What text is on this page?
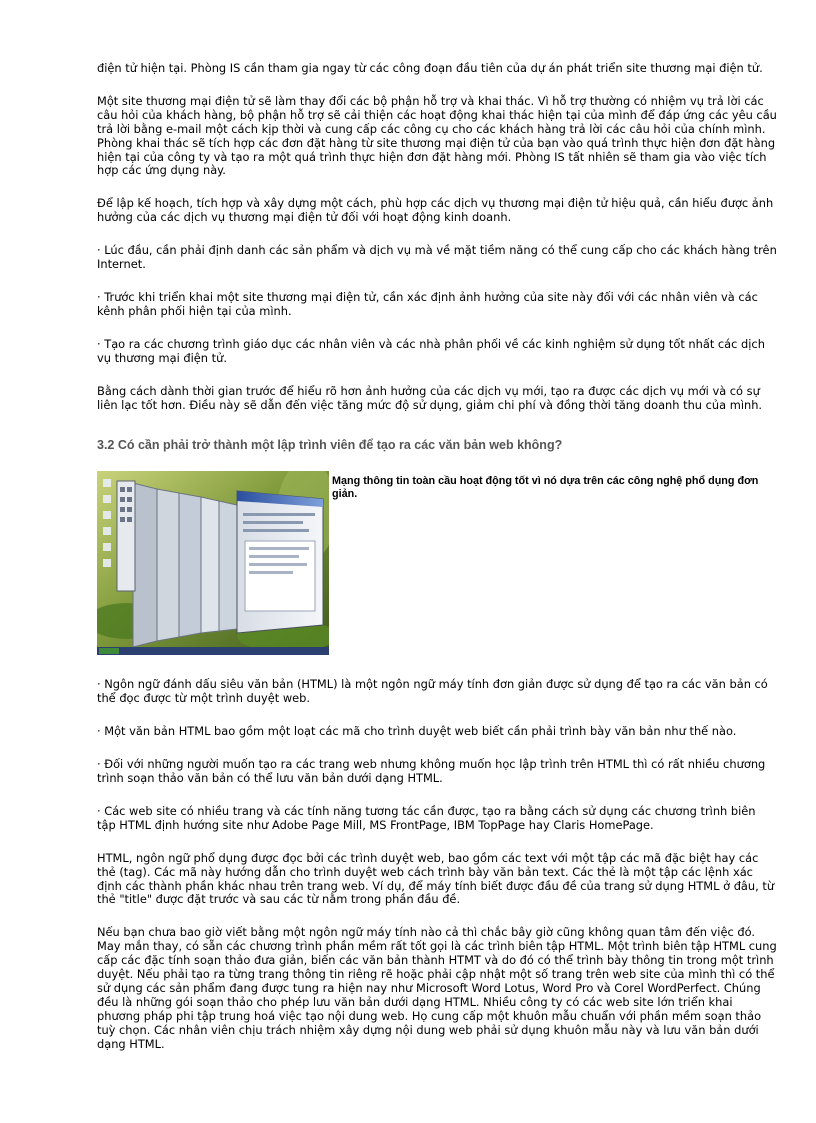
điện tử hiện tại. Phòng IS cần tham gia ngay từ các công đoạn đầu tiên của dự án phát triển site thương mại điện tử.

Một site thương mại điện tử sẽ làm thay đổi các bộ phận hỗ trợ và khai thác. Vì hỗ trợ thường có nhiệm vụ trả lời các câu hỏi của khách hàng, bộ phận hỗ trợ sẽ cải thiện các hoạt động khai thác hiện tại của mình để đáp ứng các yêu cầu trả lời bằng e-mail một cách kịp thời và cung cấp các công cụ cho các khách hàng trả lời các câu hỏi của chính mình. Phòng khai thác sẽ tích hợp các đơn đặt hàng từ site thương mại điện tử của bạn vào quá trình thực hiện đơn đặt hàng hiện tại của công ty và tạo ra một quá trình thực hiện đơn đặt hàng mới. Phòng IS tất nhiên sẽ tham gia vào việc tích hợp các ứng dụng này.

Để lập kế hoạch, tích hợp và xây dựng một cách, phù hợp các dịch vụ thương mại điện tử hiệu quả, cần hiểu được ảnh hưởng của các dịch vụ thương mại điện tử đối với hoạt động kinh doanh.

· Lúc đầu, cần phải định danh các sản phẩm và dịch vụ mà về mặt tiềm năng có thể cung cấp cho các khách hàng trên Internet.

· Trước khi triển khai một site thương mại điện tử, cần xác định ảnh hưởng của site này đối với các nhân viên và các kênh phân phối hiện tại của mình.

· Tạo ra các chương trình giáo dục các nhân viên và các nhà phân phối về các kinh nghiệm sử dụng tốt nhất các dịch vụ thương mại điện tử.

Bằng cách dành thời gian trước để hiểu rõ hơn ảnh hưởng của các dịch vụ mới, tạo ra được các dịch vụ mới và có sự liên lạc tốt hơn. Điều này sẽ dẫn đến việc tăng mức độ sử dụng, giảm chi phí và đồng thời tăng doanh thu của mình.

3.2 Có cần phải trở thành một lập trình viên để tạo ra các văn bản web không?
Mạng thông tin toàn cầu hoạt động tốt vì nó dựa trên các công nghệ phổ dụng đơn giản.

· Ngôn ngữ đánh dấu siêu văn bản (HTML) là một ngôn ngữ máy tính đơn giản được sử dụng để tạo ra các văn bản có thể đọc được từ một trình duyệt web.

· Một văn bản HTML bao gồm một loạt các mã cho trình duyệt web biết cần phải trình bày văn bản như thế nào.

· Đối với những người muốn tạo ra các trang web nhưng không muốn học lập trình trên HTML thì có rất nhiều chương trình soạn thảo văn bản có thể lưu văn bản dưới dạng HTML.

· Các web site có nhiều trang và các tính năng tương tác cần được, tạo ra bằng cách sử dụng các chương trình biên tập HTML định hướng site như Adobe Page Mill, MS FrontPage, IBM TopPage hay Claris HomePage.

HTML, ngôn ngữ phổ dụng được đọc bởi các trình duyệt web, bao gồm các text với một tập các mã đặc biệt hay các thẻ (tag). Các mã này hướng dẫn cho trình duyệt web cách trình bày văn bản text. Các thẻ là một tập các lệnh xác định các thành phần khác nhau trên trang web. Ví dụ, để máy tính biết được đầu đề của trang sử dụng HTML ở đâu, từ thẻ "title" được đặt trước và sau các từ nằm trong phần đầu đề.

Nếu bạn chưa bao giờ viết bằng một ngôn ngữ máy tính nào cả thì chắc bây giờ cũng không quan tâm đến việc đó. May mắn thay, có sẵn các chương trình phần mềm rất tốt gọi là các trình biên tập HTML. Một trình biên tập HTML cung cấp các đặc tính soạn thảo đưa giản, biến các văn bản thành HTMT và do đó có thể trình bày thông tin trong một trình duyệt. Nếu phải tạo ra từng trang thông tin riêng rẽ hoặc phải cập nhật một số trang trên web site của mình thì có thể sử dụng các sản phẩm đang được tung ra hiện nay như Microsoft Word Lotus, Word Pro và Corel WordPerfect. Chúng đều là những gói soạn thảo cho phép lưu văn bản dưới dạng HTML. Nhiều công ty có các web site lớn triển khai phương pháp phi tập trung hoá việc tạo nội dung web. Họ cung cấp một khuôn mẫu chuẩn với phần mềm soạn thảo tuỳ chọn. Các nhân viên chịu trách nhiệm xây dựng nội dung web phải sử dụng khuôn mẫu này và lưu văn bản dưới dạng HTML.
